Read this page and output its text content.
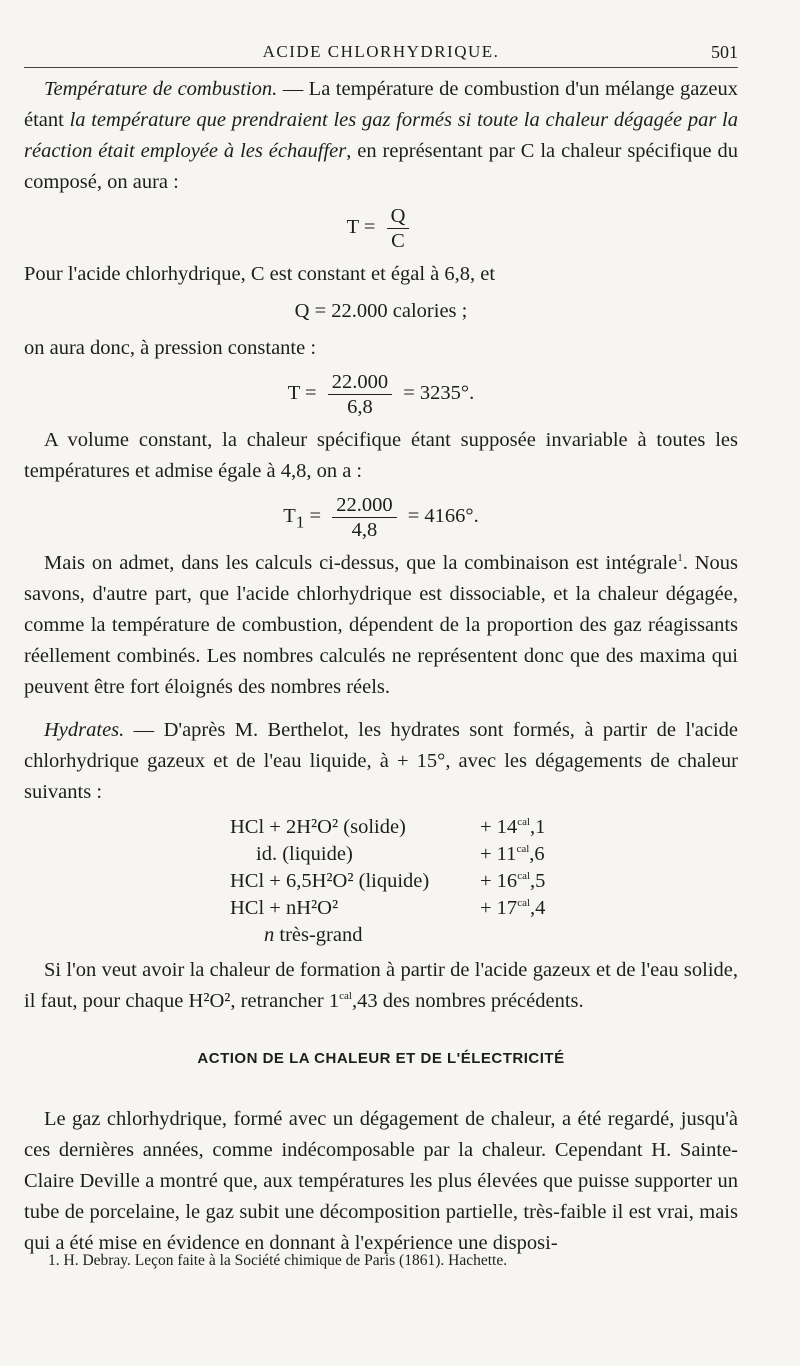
ACIDE CHLORHYDRIQUE.	501

Température de combustion. — La température de combustion d'un mélange gazeux étant la température que prendraient les gaz formés si toute la chaleur dégagée par la réaction était employée à les échauffer, en représentant par C la chaleur spécifique du composé, on aura :

$T = \frac{Q}{C}$

Pour l'acide chlorhydrique, C est constant et égal à 6,8, et

Q = 22.000 calories ;

on aura donc, à pression constante :

$T = \frac{22.000}{6,8} = 3235^\circ$.

A volume constant, la chaleur spécifique étant supposée invariable à toutes les températures et admise égale à 4,8, on a :

$T_1 = \frac{22.000}{4,8} = 4166^\circ$.

Mais on admet, dans les calculs ci-dessus, que la combinaison est intégrale$^1$. Nous savons, d'autre part, que l'acide chlorhydrique est dissociable, et la chaleur dégagée, comme la température de combustion, dépendent de la proportion des gaz réagissants réellement combinés. Les nombres calculés ne représentent donc que des maxima qui peuvent être fort éloignés des nombres réels.

Hydrates. — D'après M. Berthelot, les hydrates sont formés, à partir de l'acide chlorhydrique gazeux et de l'eau liquide, à + 15°, avec les dégagements de chaleur suivants :

HCl + 2H²O² (solide)	+ $14^{cal},1$
id. (liquide)	+ $11^{cal},6$
HCl + 6,5H²O² (liquide)	+ $16^{cal},5$
HCl + nH²O²	+ $17^{cal},4$
n très-grand

Si l'on veut avoir la chaleur de formation à partir de l'acide gazeux et de l'eau solide, il faut, pour chaque H²O², retrancher $1^{cal},43$ des nombres précédents.

ACTION DE LA CHALEUR ET DE L'ÉLECTRICITÉ

Le gaz chlorhydrique, formé avec un dégagement de chaleur, a été regardé, jusqu'à ces dernières années, comme indécomposable par la chaleur. Cependant H. Sainte-Claire Deville a montré que, aux températures les plus élevées que puisse supporter un tube de porcelaine, le gaz subit une décomposition partielle, très-faible il est vrai, mais qui a été mise en évidence en donnant à l'expérience une disposi-

1. H. Debray. Leçon faite à la Société chimique de Paris (1861). Hachette.
